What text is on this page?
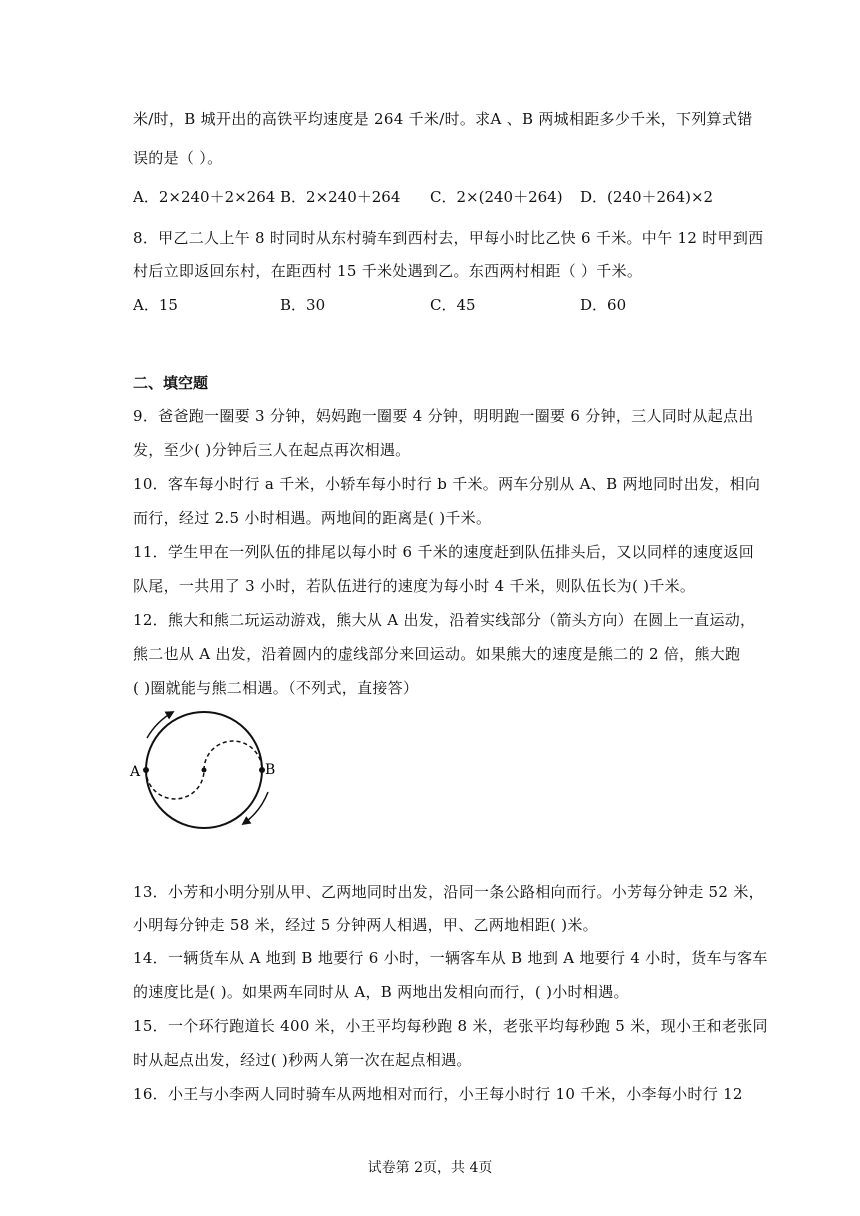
米/时，B 城开出的高铁平均速度是 264 千米/时。求A 、B 两城相距多少千米，下列算式错
误的是（ ）。
A．2×240＋2×264 B．2×240＋264 C．2×(240＋264) D．(240＋264)×2
8．甲乙二人上午 8 时同时从东村骑车到西村去，甲每小时比乙快 6 千米。中午 12 时甲到西
村后立即返回东村，在距西村 15 千米处遇到乙。东西两村相距（ ）千米。
A．15	B．30	C．45	D．60
二、填空题
9．爸爸跑一圈要 3 分钟，妈妈跑一圈要 4 分钟，明明跑一圈要 6 分钟，三人同时从起点出
发，至少( )分钟后三人在起点再次相遇。
10．客车每小时行 a 千米，小轿车每小时行 b 千米。两车分别从 A、B 两地同时出发，相向
而行，经过 2.5 小时相遇。两地间的距离是( )千米。
11．学生甲在一列队伍的排尾以每小时 6 千米的速度赶到队伍排头后，又以同样的速度返回
队尾，一共用了 3 小时，若队伍进行的速度为每小时 4 千米，则队伍长为( )千米。
12．熊大和熊二玩运动游戏，熊大从 A 出发，沿着实线部分（箭头方向）在圆上一直运动，
熊二也从 A 出发，沿着圆内的虚线部分来回运动。如果熊大的速度是熊二的 2 倍，熊大跑
( )圈就能与熊二相遇。（不列式，直接答）
A	B
13．小芳和小明分别从甲、乙两地同时出发，沿同一条公路相向而行。小芳每分钟走 52 米，
小明每分钟走 58 米，经过 5 分钟两人相遇，甲、乙两地相距( )米。
14．一辆货车从 A 地到 B 地要行 6 小时，一辆客车从 B 地到 A 地要行 4 小时，货车与客车
的速度比是( )。如果两车同时从 A，B 两地出发相向而行，( )小时相遇。
15．一个环行跑道长 400 米，小王平均每秒跑 8 米，老张平均每秒跑 5 米，现小王和老张同
时从起点出发，经过( )秒两人第一次在起点相遇。
16．小王与小李两人同时骑车从两地相对而行，小王每小时行 10 千米，小李每小时行 12
试卷第 2页，共 4页
